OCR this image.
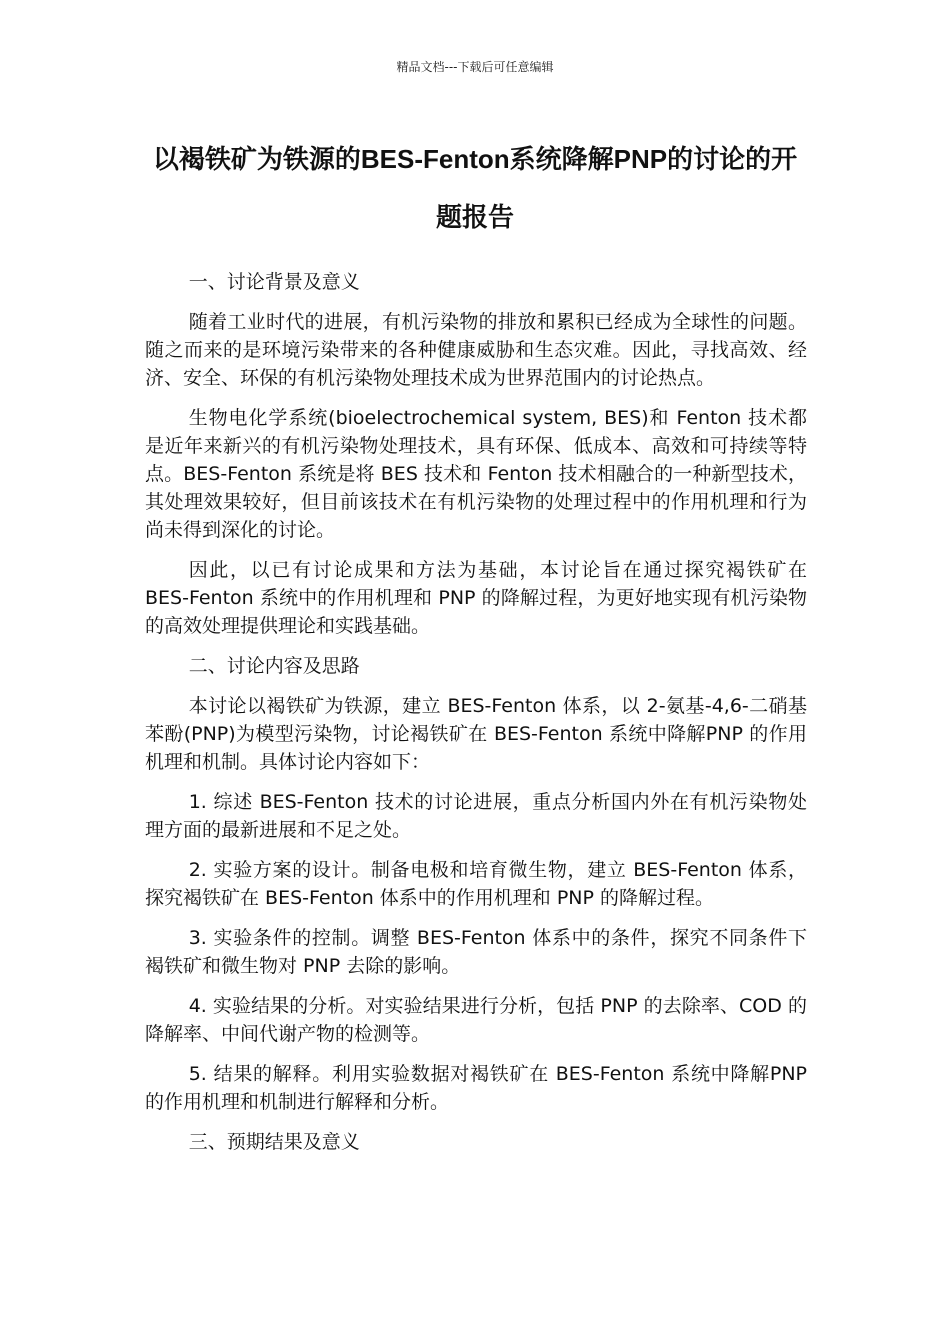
精品文档---下载后可任意编辑
以褐铁矿为铁源的BES-Fenton系统降解PNP的讨论的开题报告
一、讨论背景及意义

随着工业时代的进展，有机污染物的排放和累积已经成为全球性的问题。随之而来的是环境污染带来的各种健康威胁和生态灾难。因此，寻找高效、经济、安全、环保的有机污染物处理技术成为世界范围内的讨论热点。

生物电化学系统(bioelectrochemical system, BES)和 Fenton 技术都是近年来新兴的有机污染物处理技术，具有环保、低成本、高效和可持续等特点。BES-Fenton 系统是将 BES 技术和 Fenton 技术相融合的一种新型技术，其处理效果较好，但目前该技术在有机污染物的处理过程中的作用机理和行为尚未得到深化的讨论。

因此，以已有讨论成果和方法为基础，本讨论旨在通过探究褐铁矿在 BES-Fenton 系统中的作用机理和 PNP 的降解过程，为更好地实现有机污染物的高效处理提供理论和实践基础。

二、讨论内容及思路

本讨论以褐铁矿为铁源，建立 BES-Fenton 体系，以 2-氨基-4,6-二硝基苯酚(PNP)为模型污染物，讨论褐铁矿在 BES-Fenton 系统中降解PNP 的作用机理和机制。具体讨论内容如下：

1. 综述 BES-Fenton 技术的讨论进展，重点分析国内外在有机污染物处理方面的最新进展和不足之处。

2. 实验方案的设计。制备电极和培育微生物，建立 BES-Fenton 体系，探究褐铁矿在 BES-Fenton 体系中的作用机理和 PNP 的降解过程。

3. 实验条件的控制。调整 BES-Fenton 体系中的条件，探究不同条件下褐铁矿和微生物对 PNP 去除的影响。

4. 实验结果的分析。对实验结果进行分析，包括 PNP 的去除率、COD 的降解率、中间代谢产物的检测等。

5. 结果的解释。利用实验数据对褐铁矿在 BES-Fenton 系统中降解PNP 的作用机理和机制进行解释和分析。

三、预期结果及意义
